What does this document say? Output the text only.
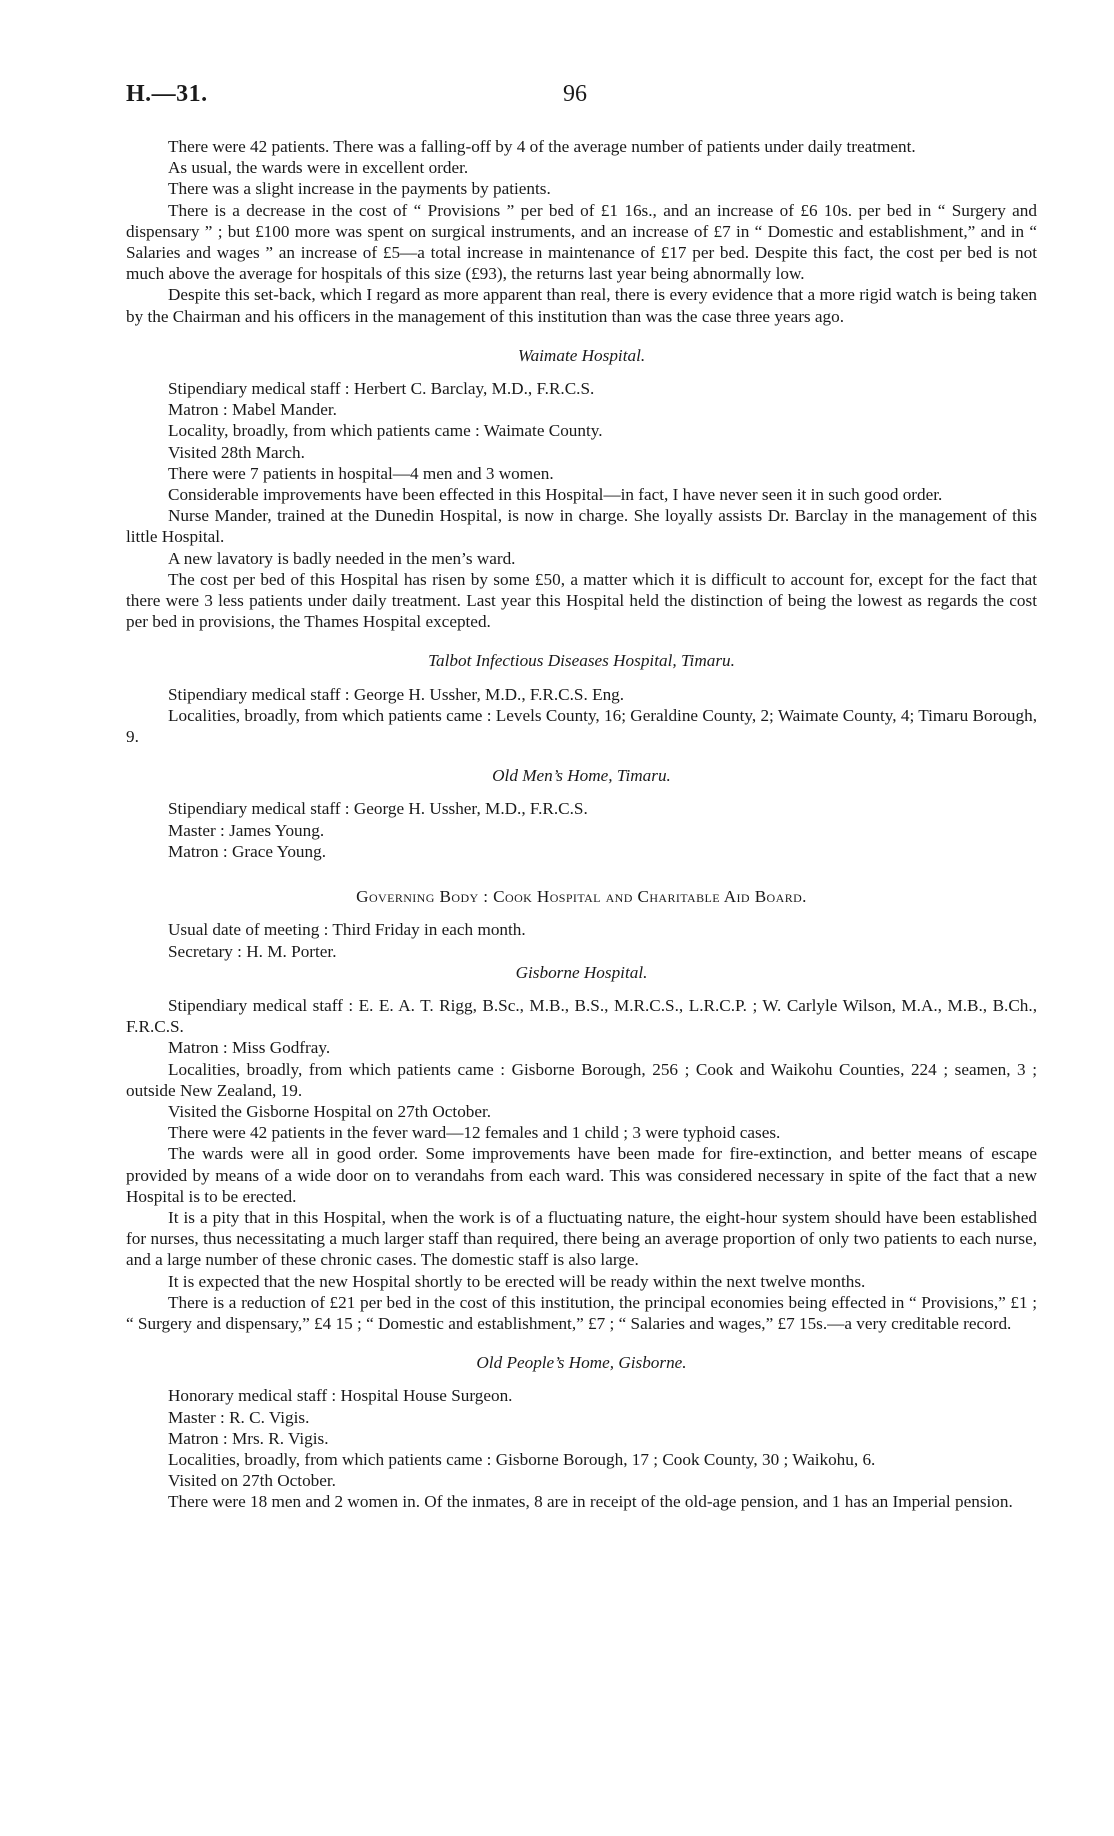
H.—31.	96

There were 42 patients. There was a falling-off by 4 of the average number of patients under daily treatment.

As usual, the wards were in excellent order.

There was a slight increase in the payments by patients.

There is a decrease in the cost of “ Provisions ” per bed of £1 16s., and an increase of £6 10s. per bed in “ Surgery and dispensary ” ; but £100 more was spent on surgical instruments, and an increase of £7 in “ Domestic and establishment,” and in “ Salaries and wages ” an increase of £5—a total increase in maintenance of £17 per bed. Despite this fact, the cost per bed is not much above the average for hospitals of this size (£93), the returns last year being abnormally low.

Despite this set-back, which I regard as more apparent than real, there is every evidence that a more rigid watch is being taken by the Chairman and his officers in the management of this institution than was the case three years ago.

Waimate Hospital.

Stipendiary medical staff : Herbert C. Barclay, M.D., F.R.C.S.

Matron : Mabel Mander.

Locality, broadly, from which patients came : Waimate County.

Visited 28th March.

There were 7 patients in hospital—4 men and 3 women.

Considerable improvements have been effected in this Hospital—in fact, I have never seen it in such good order.

Nurse Mander, trained at the Dunedin Hospital, is now in charge. She loyally assists Dr. Barclay in the management of this little Hospital.

A new lavatory is badly needed in the men’s ward.

The cost per bed of this Hospital has risen by some £50, a matter which it is difficult to account for, except for the fact that there were 3 less patients under daily treatment. Last year this Hospital held the distinction of being the lowest as regards the cost per bed in provisions, the Thames Hospital excepted.

Talbot Infectious Diseases Hospital, Timaru.

Stipendiary medical staff : George H. Ussher, M.D., F.R.C.S. Eng.

Localities, broadly, from which patients came : Levels County, 16; Geraldine County, 2; Waimate County, 4; Timaru Borough, 9.

Old Men’s Home, Timaru.

Stipendiary medical staff : George H. Ussher, M.D., F.R.C.S.

Master : James Young.

Matron : Grace Young.

Governing Body : Cook Hospital and Charitable Aid Board.

Usual date of meeting : Third Friday in each month.

Secretary : H. M. Porter.

Gisborne Hospital.

Stipendiary medical staff : E. E. A. T. Rigg, B.Sc., M.B., B.S., M.R.C.S., L.R.C.P. ; W. Carlyle Wilson, M.A., M.B., B.Ch., F.R.C.S.

Matron : Miss Godfray.

Localities, broadly, from which patients came : Gisborne Borough, 256 ; Cook and Waikohu Counties, 224 ; seamen, 3 ; outside New Zealand, 19.

Visited the Gisborne Hospital on 27th October.

There were 42 patients in the fever ward—12 females and 1 child ; 3 were typhoid cases.

The wards were all in good order. Some improvements have been made for fire-extinction, and better means of escape provided by means of a wide door on to verandahs from each ward. This was considered necessary in spite of the fact that a new Hospital is to be erected.

It is a pity that in this Hospital, when the work is of a fluctuating nature, the eight-hour system should have been established for nurses, thus necessitating a much larger staff than required, there being an average proportion of only two patients to each nurse, and a large number of these chronic cases. The domestic staff is also large.

It is expected that the new Hospital shortly to be erected will be ready within the next twelve months.

There is a reduction of £21 per bed in the cost of this institution, the principal economies being effected in “ Provisions,” £1 ; “ Surgery and dispensary,” £4 15 ; “ Domestic and establishment,” £7 ; “ Salaries and wages,” £7 15s.—a very creditable record.

Old People’s Home, Gisborne.

Honorary medical staff : Hospital House Surgeon.

Master : R. C. Vigis.

Matron : Mrs. R. Vigis.

Localities, broadly, from which patients came : Gisborne Borough, 17 ; Cook County, 30 ; Waikohu, 6.

Visited on 27th October.

There were 18 men and 2 women in. Of the inmates, 8 are in receipt of the old-age pension, and 1 has an Imperial pension.
